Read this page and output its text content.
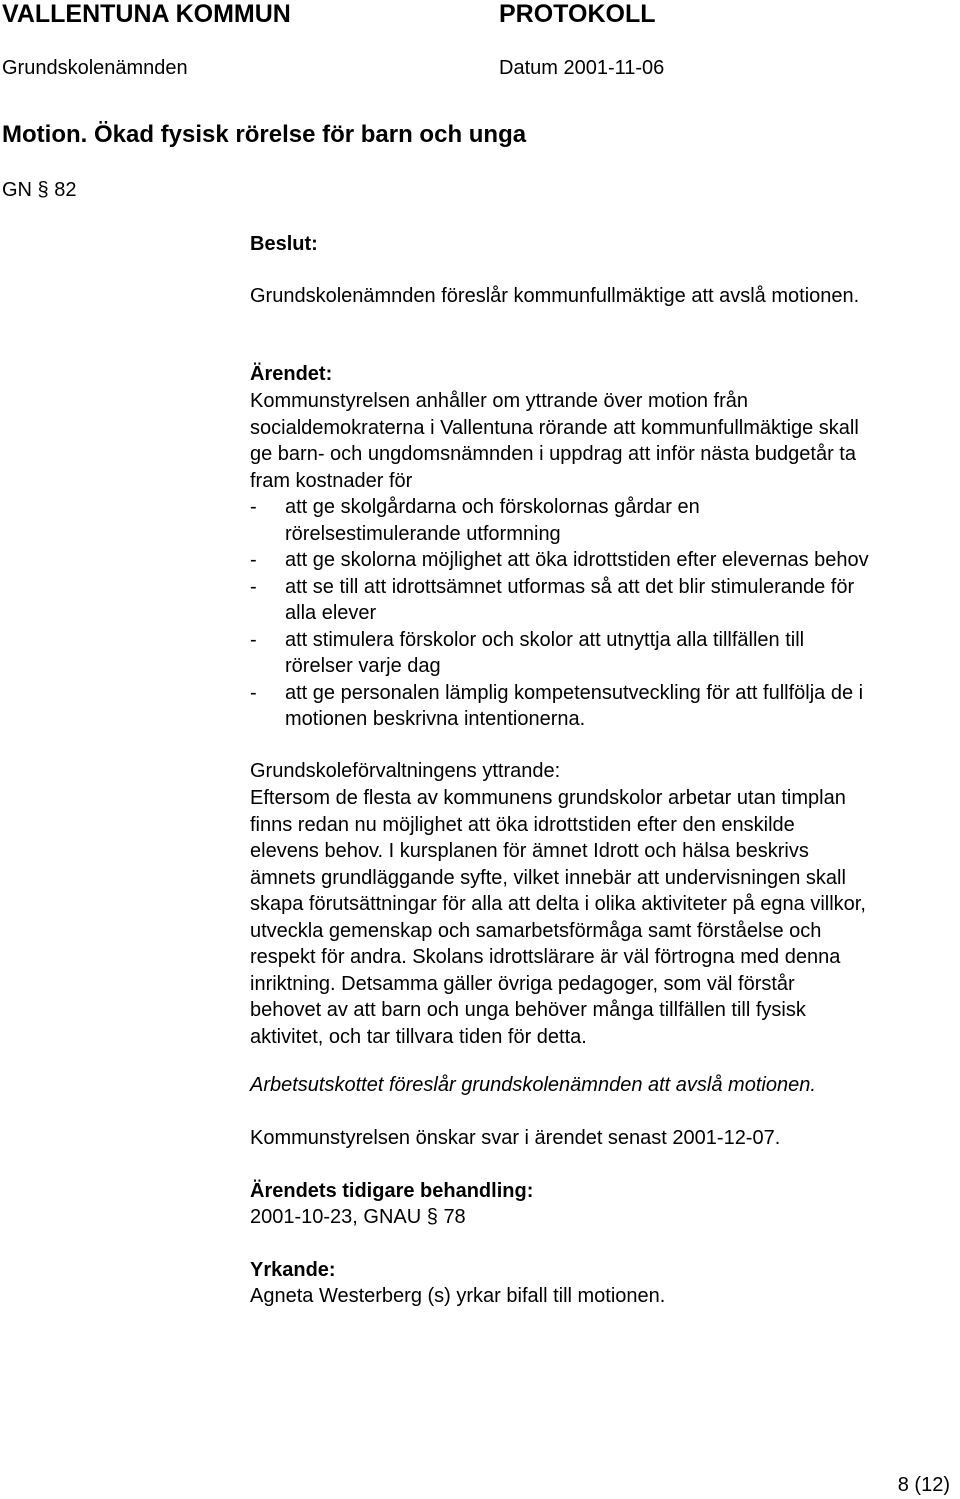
VALLENTUNA KOMMUN	PROTOKOLL
Grundskolenämnden	Datum 2001-11-06
Motion. Ökad fysisk rörelse för barn och unga
GN § 82
Beslut:
Grundskolenämnden föreslår kommunfullmäktige att avslå motionen.
Ärendet:
Kommunstyrelsen anhåller om yttrande över motion från
socialdemokraterna i Vallentuna rörande att kommunfullmäktige skall
ge barn- och ungdomsnämnden i uppdrag att inför nästa budgetår ta
fram kostnader för
- att ge skolgårdarna och förskolornas gårdar en
rörelsestimulerande utformning
- att ge skolorna möjlighet att öka idrottstiden efter elevernas behov
- att se till att idrottsämnet utformas så att det blir stimulerande för
alla elever
- att stimulera förskolor och skolor att utnyttja alla tillfällen till
rörelser varje dag
- att ge personalen lämplig kompetensutveckling för att fullfölja de i
motionen beskrivna intentionerna.
Grundskoleförvaltningens yttrande:
Eftersom de flesta av kommunens grundskolor arbetar utan timplan
finns redan nu möjlighet att öka idrottstiden efter den enskilde
elevens behov. I kursplanen för ämnet Idrott och hälsa beskrivs
ämnets grundläggande syfte, vilket innebär att undervisningen skall
skapa förutsättningar för alla att delta i olika aktiviteter på egna villkor,
utveckla gemenskap och samarbetsförmåga samt förståelse och
respekt för andra. Skolans idrottslärare är väl förtrogna med denna
inriktning. Detsamma gäller övriga pedagoger, som väl förstår
behovet av att barn och unga behöver många tillfällen till fysisk
aktivitet, och tar tillvara tiden för detta.
Arbetsutskottet föreslår grundskolenämnden att avslå motionen.
Kommunstyrelsen önskar svar i ärendet senast 2001-12-07.
Ärendets tidigare behandling:
2001-10-23, GNAU § 78
Yrkande:
Agneta Westerberg (s) yrkar bifall till motionen.
8 (12)
